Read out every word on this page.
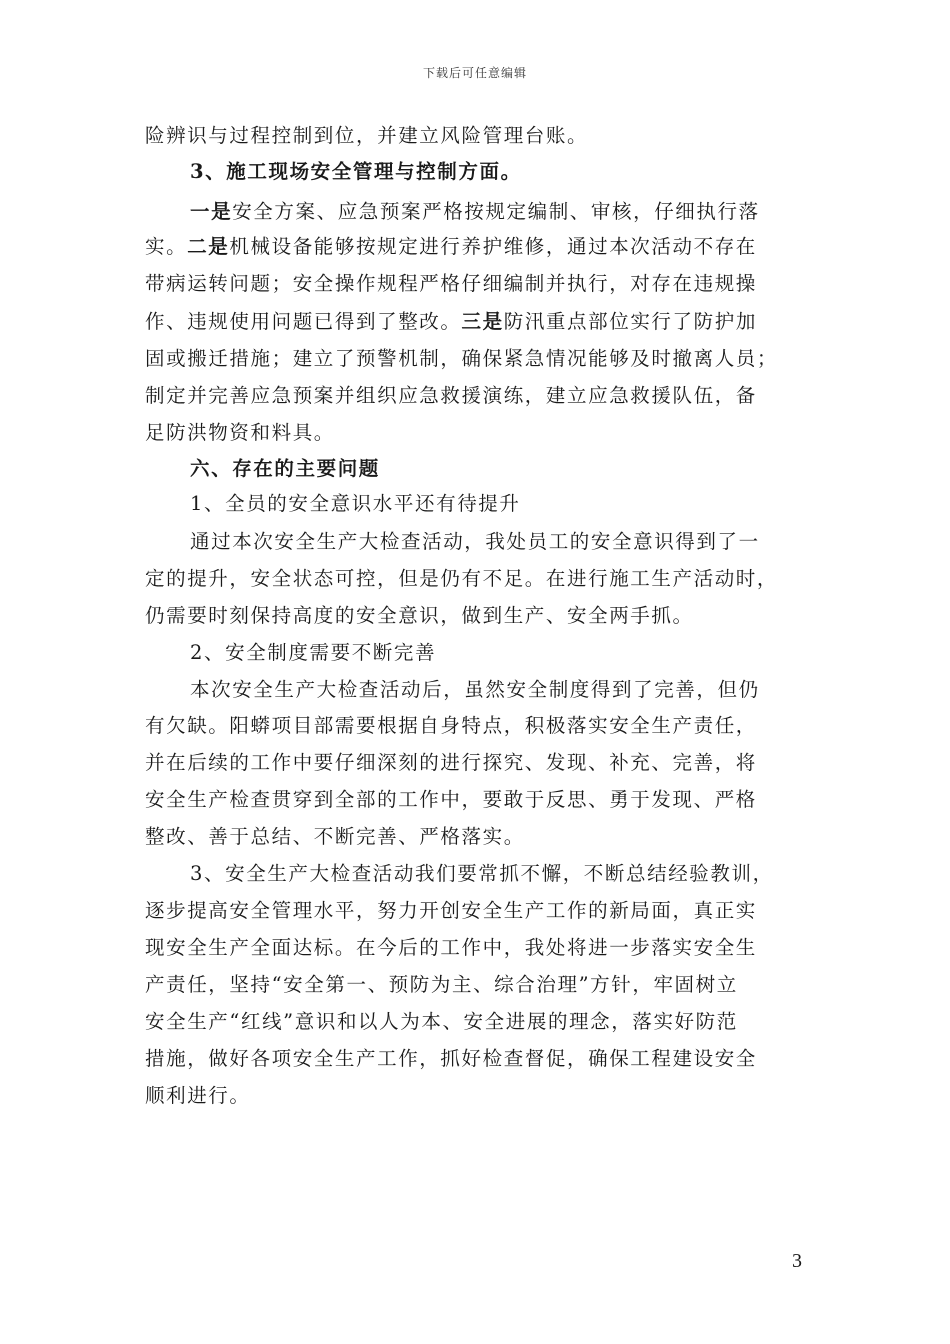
下载后可任意编辑
险辨识与过程控制到位，并建立风险管理台账。
3、施工现场安全管理与控制方面。
一是安全方案、应急预案严格按规定编制、审核，仔细执行落
实。二是机械设备能够按规定进行养护维修，通过本次活动不存在
带病运转问题；安全操作规程严格仔细编制并执行，对存在违规操
作、违规使用问题已得到了整改。三是防汛重点部位实行了防护加
固或搬迁措施；建立了预警机制，确保紧急情况能够及时撤离人员；
制定并完善应急预案并组织应急救援演练，建立应急救援队伍，备
足防洪物资和料具。
六、存在的主要问题
1、全员的安全意识水平还有待提升
通过本次安全生产大检查活动，我处员工的安全意识得到了一
定的提升，安全状态可控，但是仍有不足。在进行施工生产活动时，
仍需要时刻保持高度的安全意识，做到生产、安全两手抓。
2、安全制度需要不断完善
本次安全生产大检查活动后，虽然安全制度得到了完善，但仍
有欠缺。阳蟒项目部需要根据自身特点，积极落实安全生产责任，
并在后续的工作中要仔细深刻的进行探究、发现、补充、完善，将
安全生产检查贯穿到全部的工作中，要敢于反思、勇于发现、严格
整改、善于总结、不断完善、严格落实。
3、安全生产大检查活动我们要常抓不懈，不断总结经验教训，
逐步提高安全管理水平，努力开创安全生产工作的新局面，真正实
现安全生产全面达标。在今后的工作中，我处将进一步落实安全生
产责任，坚持“安全第一、预防为主、综合治理”方针，牢固树立
安全生产“红线”意识和以人为本、安全进展的理念，落实好防范
措施，做好各项安全生产工作，抓好检查督促，确保工程建设安全
顺利进行。
3
